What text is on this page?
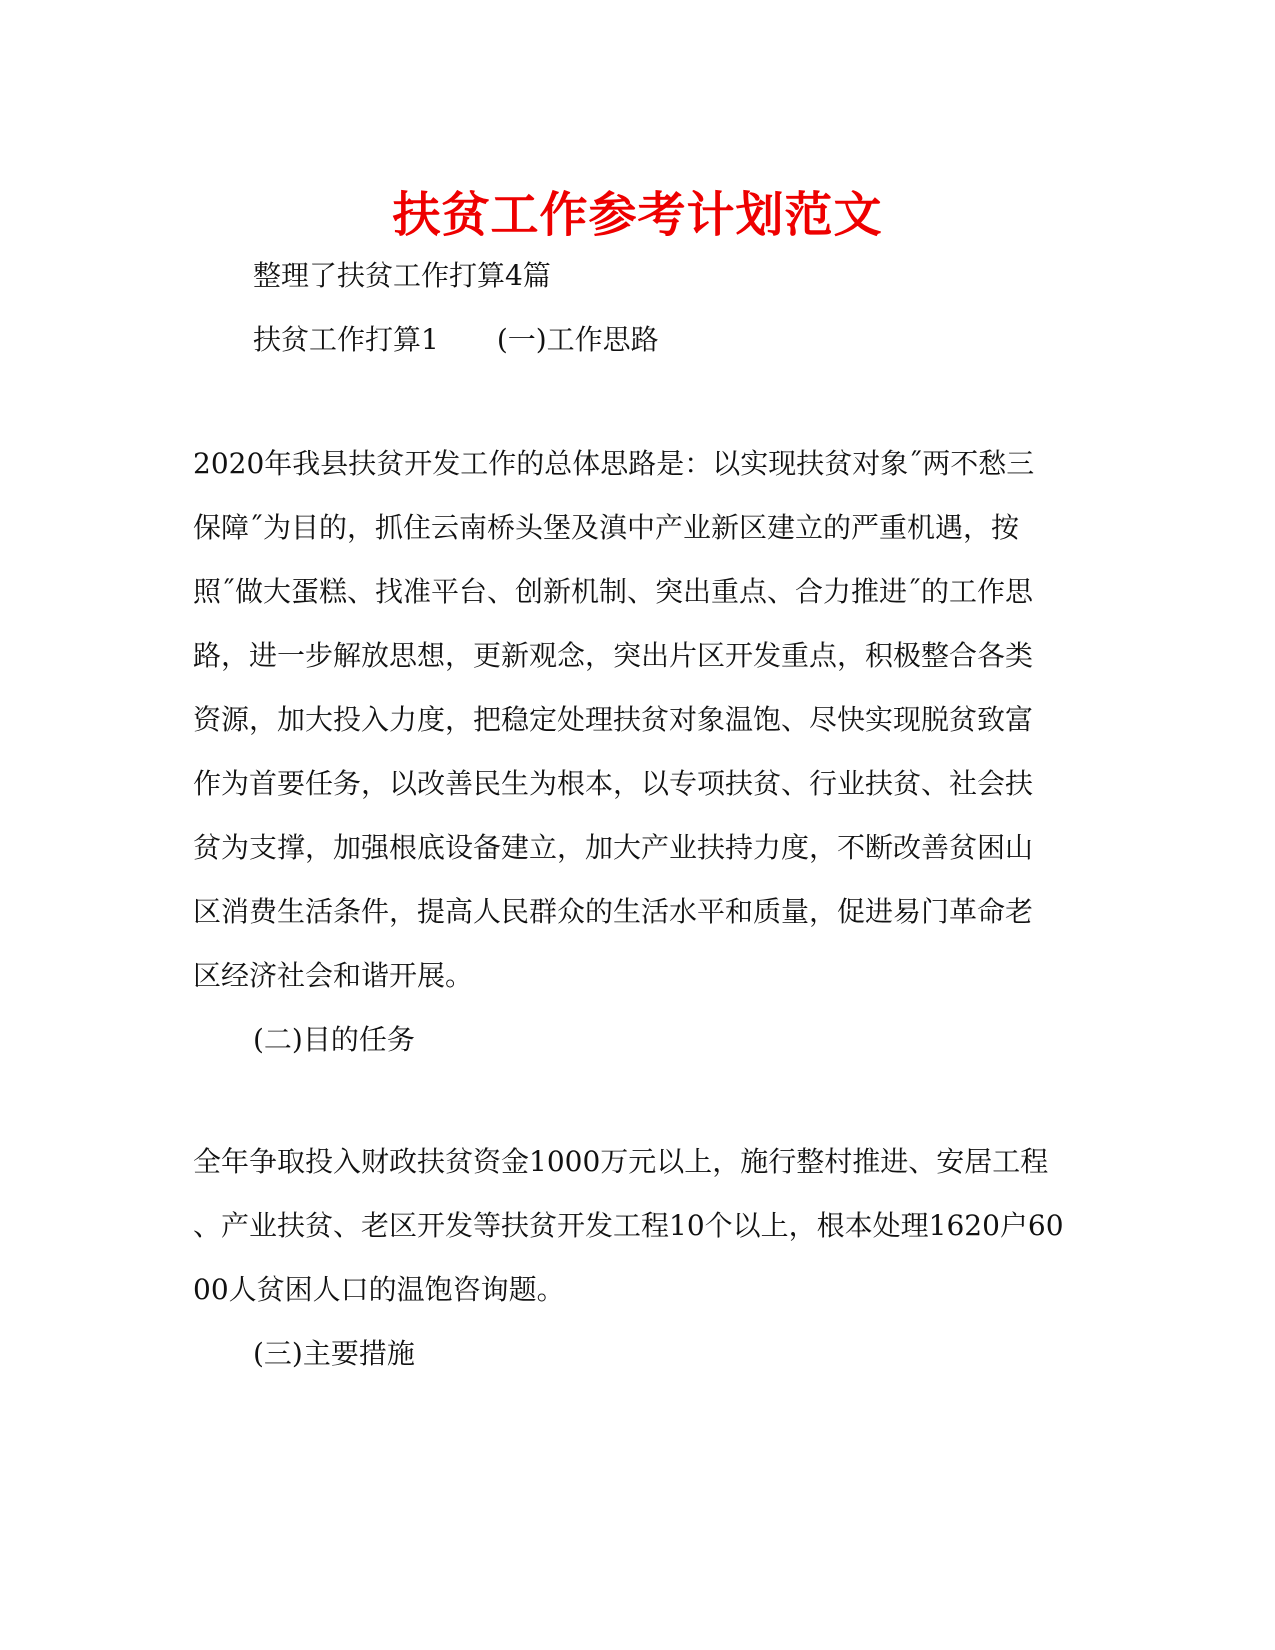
扶贫工作参考计划范文

整理了扶贫工作打算4篇

扶贫工作打算1 (一)工作思路

2020年我县扶贫开发工作的总体思路是：以实现扶贫对象˝两不愁三

保障˝为目的，抓住云南桥头堡及滇中产业新区建立的严重机遇，按

照˝做大蛋糕、找准平台、创新机制、突出重点、合力推进˝的工作思

路，进一步解放思想，更新观念，突出片区开发重点，积极整合各类

资源，加大投入力度，把稳定处理扶贫对象温饱、尽快实现脱贫致富

作为首要任务，以改善民生为根本，以专项扶贫、行业扶贫、社会扶

贫为支撑，加强根底设备建立，加大产业扶持力度，不断改善贫困山

区消费生活条件，提高人民群众的生活水平和质量，促进易门革命老

区经济社会和谐开展。

(二)目的任务

全年争取投入财政扶贫资金1000万元以上，施行整村推进、安居工程

、产业扶贫、老区开发等扶贫开发工程10个以上，根本处理1620户60

00人贫困人口的温饱咨询题。

(三)主要措施
